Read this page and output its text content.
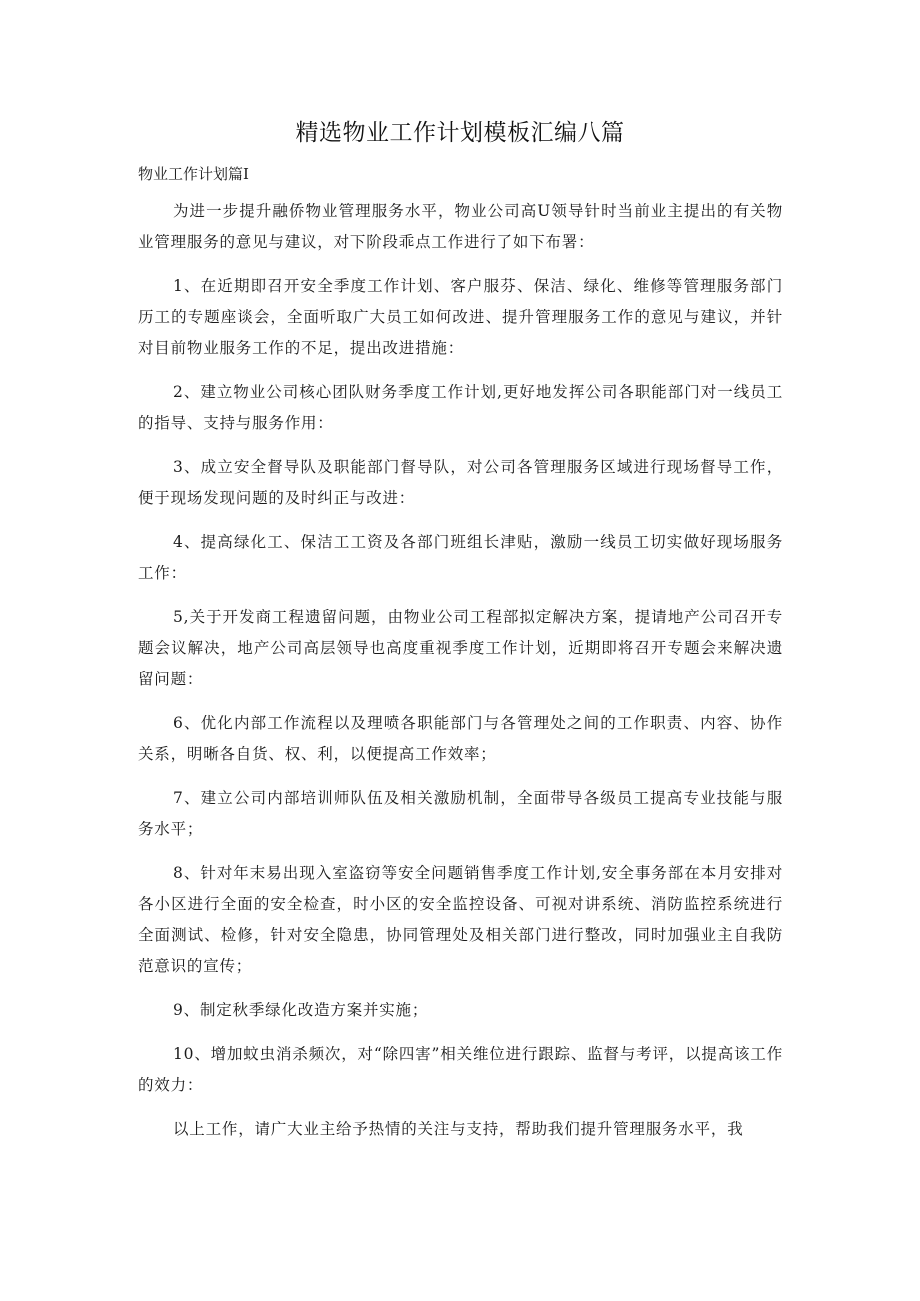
精选物业工作计划模板汇编八篇

物业工作计划篇I

为进一步提升融侨物业管理服务水平，物业公司高U领导针时当前业主提出的有关物业管理服务的意见与建议，对下阶段乖点工作进行了如下布署：

1、在近期即召开安全季度工作计划、客户服芬、保洁、绿化、维修等管理服务部门历工的专题座谈会，全面听取广大员工如何改进、提升管理服务工作的意见与建议，并针对目前物业服务工作的不足，提出改进措施：

2、建立物业公司核心团队财务季度工作计划,更好地发挥公司各职能部门对一线员工的指导、支持与服务作用：

3、成立安全督导队及职能部门督导队，对公司各管理服务区域进行现场督导工作，便于现场发现问题的及时纠正与改进：

4、提高绿化工、保洁工工资及各部门班组长津贴，激励一线员工切实做好现场服务工作：

5,关于开发商工程遗留问题，由物业公司工程部拟定解决方案，提请地产公司召开专题会议解决，地产公司高层领导也高度重视季度工作计划，近期即将召开专题会来解决遗留问题：

6、优化内部工作流程以及理喷各职能部门与各管理处之间的工作职责、内容、协作关系，明晰各自货、权、利，以便提高工作效率；

7、建立公司内部培训师队伍及相关激励机制，全面带导各级员工提高专业技能与服务水平；

8、针对年末易出现入室盗窃等安全问题销售季度工作计划,安全事务部在本月安排对各小区进行全面的安全检查，时小区的安全监控设备、可视对讲系统、消防监控系统进行全面测试、检修，针对安全隐患，协同管理处及相关部门进行整改，同时加强业主自我防范意识的宣传；

9、制定秋季绿化改造方案并实施；

10、增加蚊虫消杀频次，对“除四害”相关维位进行跟踪、监督与考评，以提高该工作的效力：

以上工作，请广大业主给予热情的关注与支持，帮助我们提升管理服务水平，我
